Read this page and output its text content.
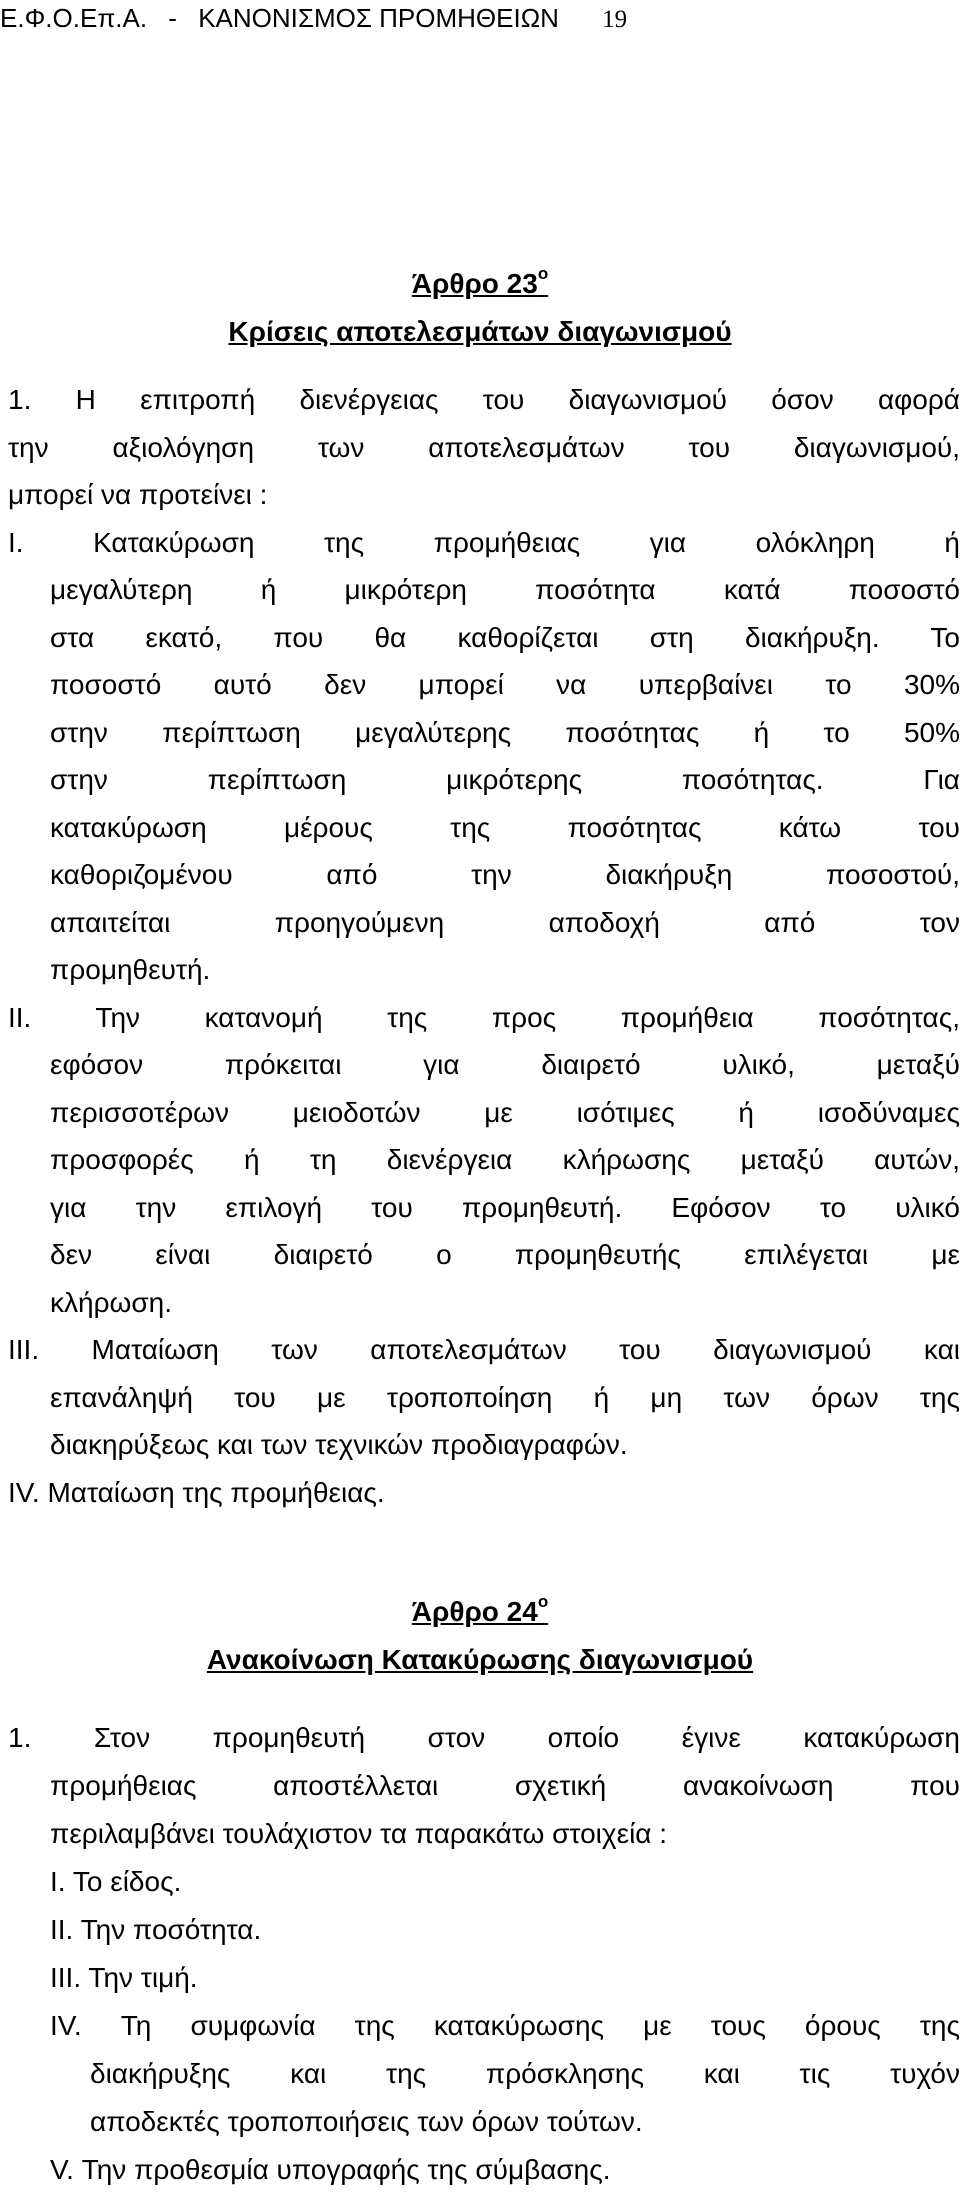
Ε.Φ.Ο.Επ.Α. - ΚΑΝΟΝΙΣΜΟΣ ΠΡΟΜΗΘΕΙΩΝ 19
Άρθρο $23^o$
Κρίσεις αποτελεσμάτων διαγωνισμού
1. Η επιτροπή διενέργειας του διαγωνισμού όσον αφορά
την αξιολόγηση των αποτελεσμάτων του διαγωνισμού,
μπορεί να προτείνει :
Ι. Κατακύρωση της προμήθειας για ολόκληρη ή
μεγαλύτερη ή μικρότερη ποσότητα κατά ποσοστό
στα εκατό, που θα καθορίζεται στη διακήρυξη. Το
ποσοστό αυτό δεν μπορεί να υπερβαίνει το 30%
στην περίπτωση μεγαλύτερης ποσότητας ή το 50%
στην περίπτωση μικρότερης ποσότητας. Για
κατακύρωση μέρους της ποσότητας κάτω του
καθοριζομένου από την διακήρυξη ποσοστού,
απαιτείται προηγούμενη αποδοχή από τον
προμηθευτή.
ΙΙ. Την κατανομή της προς προμήθεια ποσότητας,
εφόσον πρόκειται για διαιρετό υλικό, μεταξύ
περισσοτέρων μειοδοτών με ισότιμες ή ισοδύναμες
προσφορές ή τη διενέργεια κλήρωσης μεταξύ αυτών,
για την επιλογή του προμηθευτή. Εφόσον το υλικό
δεν είναι διαιρετό ο προμηθευτής επιλέγεται με
κλήρωση.
ΙΙΙ. Ματαίωση των αποτελεσμάτων του διαγωνισμού και
επανάληψή του με τροποποίηση ή μη των όρων της
διακηρύξεως και των τεχνικών προδιαγραφών.
ΙV. Ματαίωση της προμήθειας.
Άρθρο $24^o$
Ανακοίνωση Κατακύρωσης διαγωνισμού
1. Στον προμηθευτή στον οποίο έγινε κατακύρωση
προμήθειας αποστέλλεται σχετική ανακοίνωση που
περιλαμβάνει τουλάχιστον τα παρακάτω στοιχεία :
Ι. Το είδος.
ΙΙ. Την ποσότητα.
ΙΙΙ. Την τιμή.
ΙV. Τη συμφωνία της κατακύρωσης με τους όρους της
διακήρυξης και της πρόσκλησης και τις τυχόν
αποδεκτές τροποποιήσεις των όρων τούτων.
V. Την προθεσμία υπογραφής της σύμβασης.
